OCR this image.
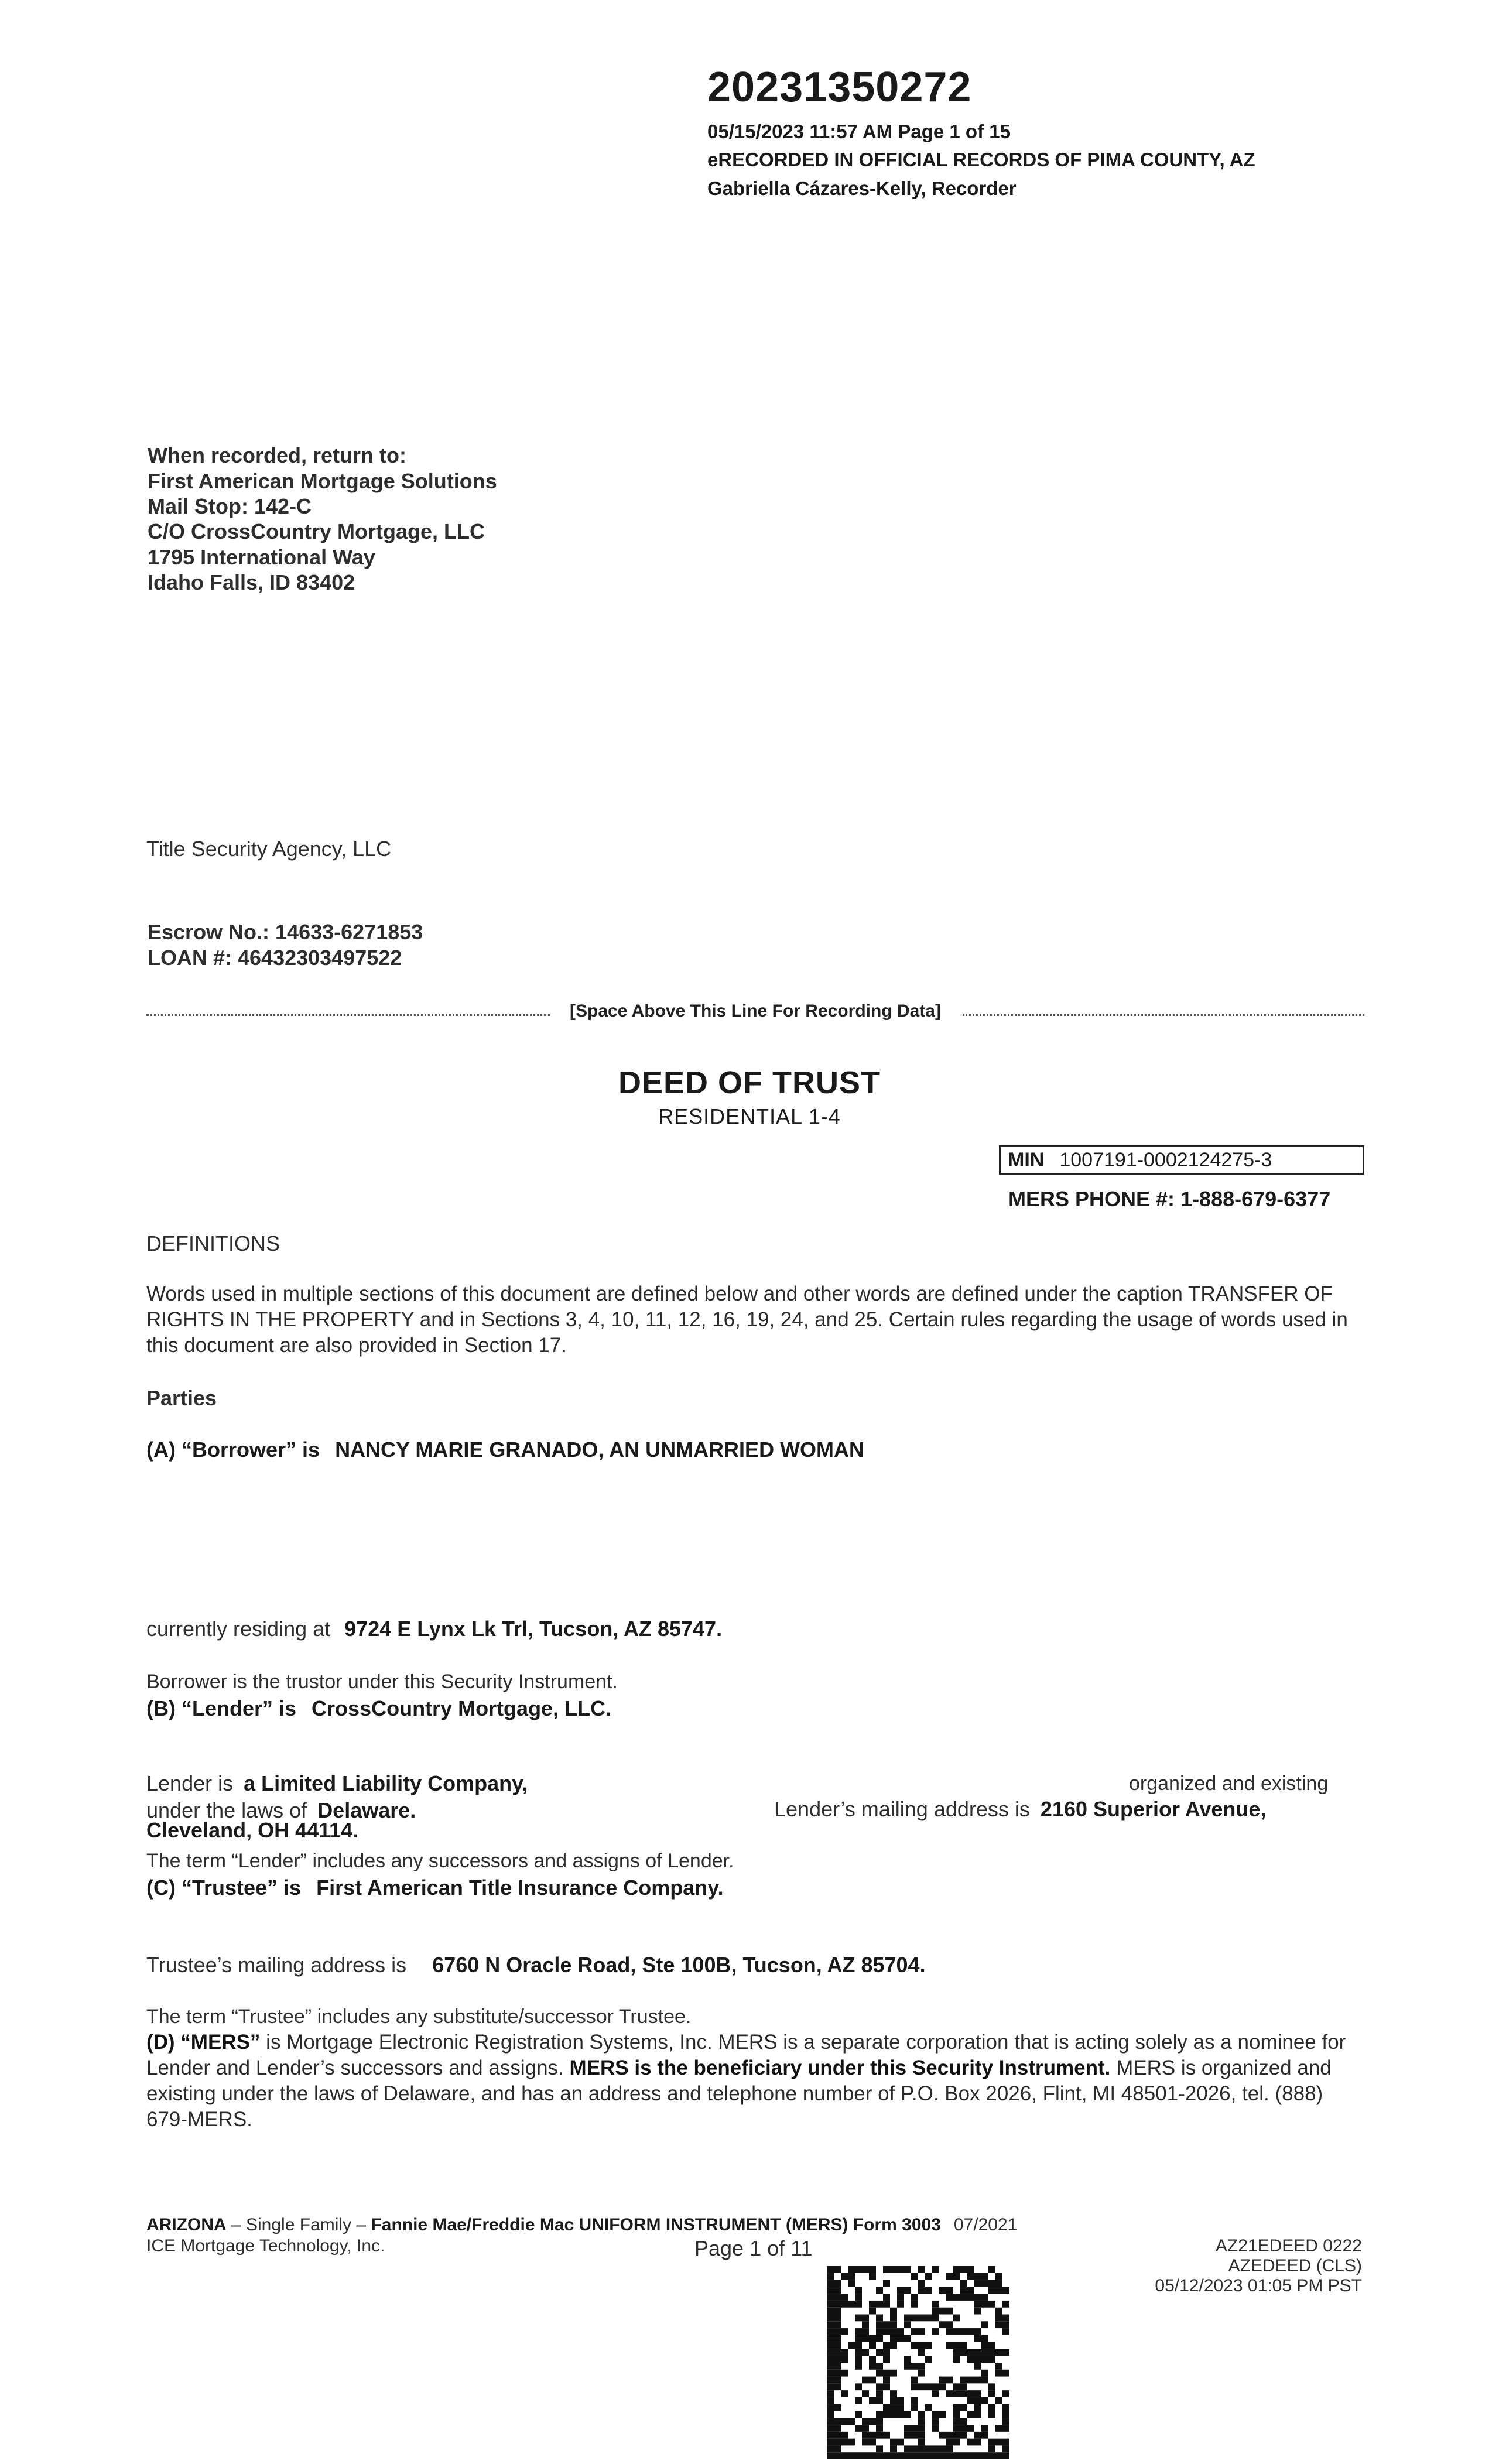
20231350272
05/15/2023 11:57 AM Page 1 of 15
eRECORDED IN OFFICIAL RECORDS OF PIMA COUNTY, AZ
Gabriella Cázares-Kelly, Recorder
When recorded, return to:
First American Mortgage Solutions
Mail Stop: 142-C
C/O CrossCountry Mortgage, LLC
1795 International Way
Idaho Falls, ID 83402
Title Security Agency, LLC
Escrow No.: 14633-6271853
LOAN #: 46432303497522
[Space Above This Line For Recording Data]
DEED OF TRUST
RESIDENTIAL 1-4
MIN 1007191-0002124275-3
MERS PHONE #: 1-888-679-6377
DEFINITIONS
Words used in multiple sections of this document are defined below and other words are defined under the caption TRANSFER OF RIGHTS IN THE PROPERTY and in Sections 3, 4, 10, 11, 12, 16, 19, 24, and 25. Certain rules regarding the usage of words used in this document are also provided in Section 17.
Parties
(A) “Borrower” is NANCY MARIE GRANADO, AN UNMARRIED WOMAN
currently residing at 9724 E Lynx Lk Trl, Tucson, AZ 85747.
Borrower is the trustor under this Security Instrument.
(B) “Lender” is CrossCountry Mortgage, LLC.
Lender is a Limited Liability Company,	organized and existing
under the laws of Delaware.	Lender’s mailing address is 2160 Superior Avenue,
Cleveland, OH 44114.
The term “Lender” includes any successors and assigns of Lender.
(C) “Trustee” is First American Title Insurance Company.
Trustee’s mailing address is 6760 N Oracle Road, Ste 100B, Tucson, AZ 85704.
The term “Trustee” includes any substitute/successor Trustee.
(D) “MERS” is Mortgage Electronic Registration Systems, Inc. MERS is a separate corporation that is acting solely as a nominee for Lender and Lender’s successors and assigns. MERS is the beneficiary under this Security Instrument. MERS is organized and existing under the laws of Delaware, and has an address and telephone number of P.O. Box 2026, Flint, MI 48501-2026, tel. (888) 679-MERS.
ARIZONA – Single Family – Fannie Mae/Freddie Mac UNIFORM INSTRUMENT (MERS) Form 3003 07/2021
ICE Mortgage Technology, Inc.	Page 1 of 11	AZ21EDEED 0222
AZEDEED (CLS)
05/12/2023 01:05 PM PST
